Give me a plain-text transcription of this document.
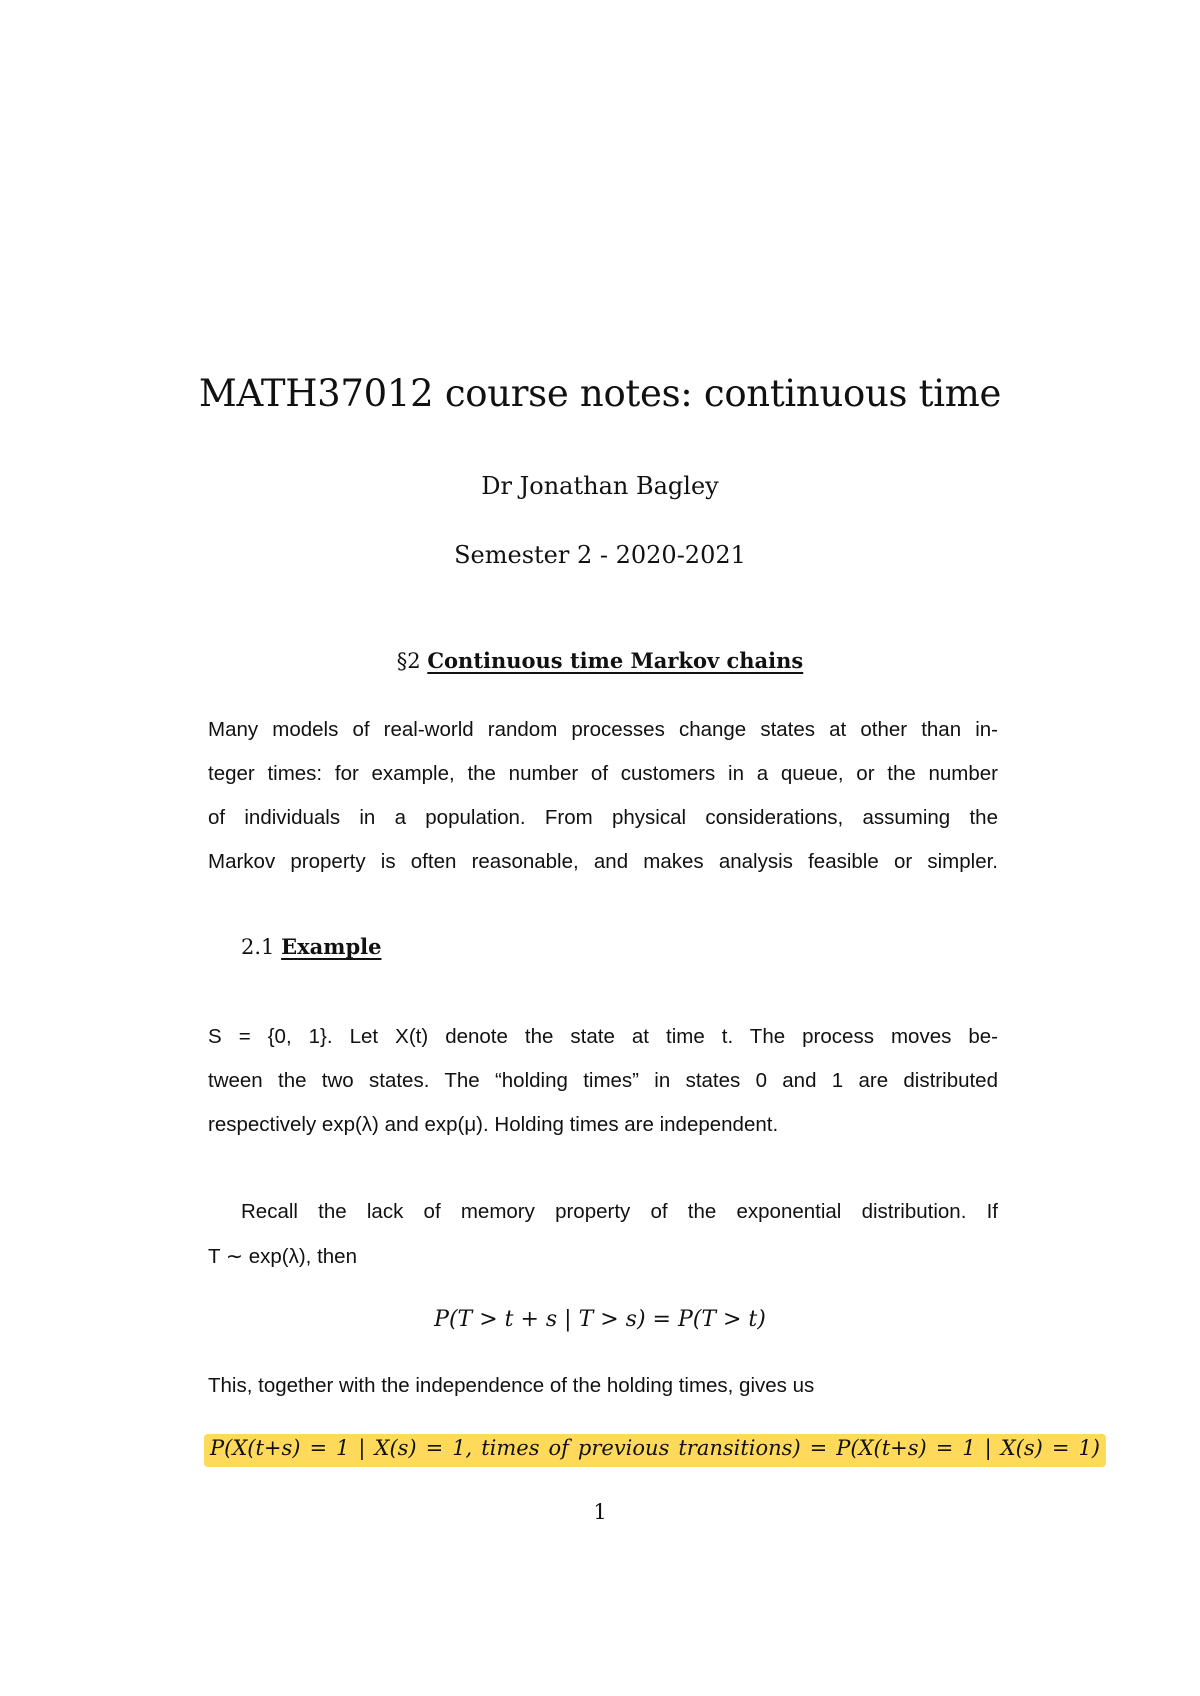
MATH37012 course notes: continuous time
Dr Jonathan Bagley
Semester 2 - 2020-2021
§2 Continuous time Markov chains
Many models of real-world random processes change states at other than in-
teger times: for example, the number of customers in a queue, or the number
of individuals in a population. From physical considerations, assuming the
Markov property is often reasonable, and makes analysis feasible or simpler.
2.1 Example
S = {0, 1}. Let X(t) denote the state at time t. The process moves be-
tween the two states. The “holding times” in states 0 and 1 are distributed
respectively exp(λ) and exp(μ). Holding times are independent.
Recall the lack of memory property of the exponential distribution. If
T ∼ exp(λ), then
P(T > t + s | T > s) = P(T > t)
This, together with the independence of the holding times, gives us
P(X(t+s) = 1 | X(s) = 1, times of previous transitions) = P(X(t+s) = 1 | X(s) = 1)
1
